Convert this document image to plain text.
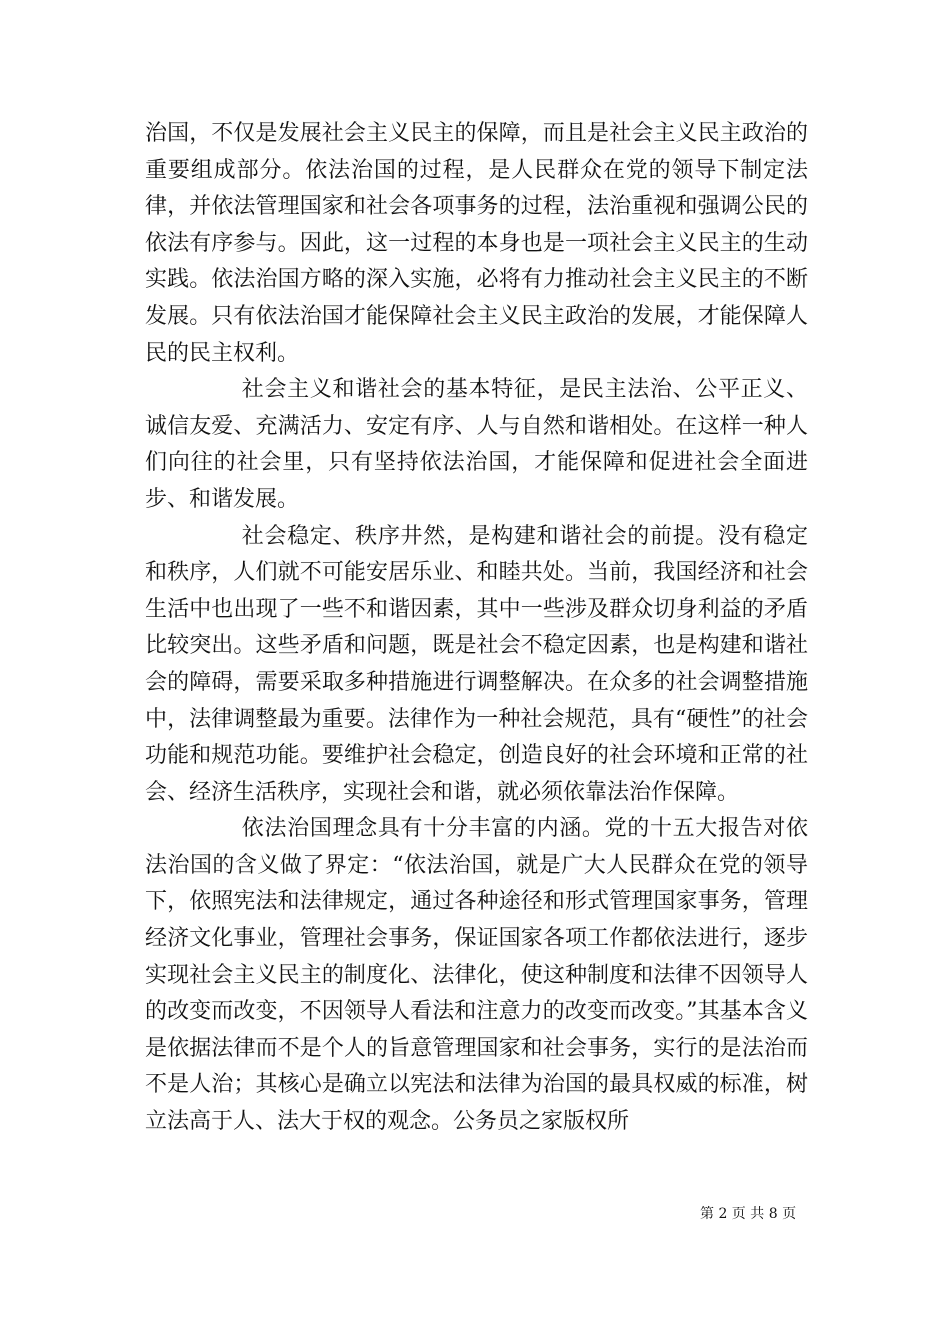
治国，不仅是发展社会主义民主的保障，而且是社会主义民主政治的重要组成部分。依法治国的过程，是人民群众在党的领导下制定法律，并依法管理国家和社会各项事务的过程，法治重视和强调公民的依法有序参与。因此，这一过程的本身也是一项社会主义民主的生动实践。依法治国方略的深入实施，必将有力推动社会主义民主的不断发展。只有依法治国才能保障社会主义民主政治的发展，才能保障人民的民主权利。

社会主义和谐社会的基本特征，是民主法治、公平正义、诚信友爱、充满活力、安定有序、人与自然和谐相处。在这样一种人们向往的社会里，只有坚持依法治国，才能保障和促进社会全面进步、和谐发展。

社会稳定、秩序井然，是构建和谐社会的前提。没有稳定和秩序，人们就不可能安居乐业、和睦共处。当前，我国经济和社会生活中也出现了一些不和谐因素，其中一些涉及群众切身利益的矛盾比较突出。这些矛盾和问题，既是社会不稳定因素，也是构建和谐社会的障碍，需要采取多种措施进行调整解决。在众多的社会调整措施中，法律调整最为重要。法律作为一种社会规范，具有“硬性”的社会功能和规范功能。要维护社会稳定，创造良好的社会环境和正常的社会、经济生活秩序，实现社会和谐，就必须依靠法治作保障。

依法治国理念具有十分丰富的内涵。党的十五大报告对依法治国的含义做了界定：“依法治国，就是广大人民群众在党的领导下，依照宪法和法律规定，通过各种途径和形式管理国家事务，管理经济文化事业，管理社会事务，保证国家各项工作都依法进行，逐步实现社会主义民主的制度化、法律化，使这种制度和法律不因领导人的改变而改变，不因领导人看法和注意力的改变而改变。”其基本含义是依据法律而不是个人的旨意管理国家和社会事务，实行的是法治而不是人治；其核心是确立以宪法和法律为治国的最具权威的标准，树立法高于人、法大于权的观念。公务员之家版权所

第 2 页 共 8 页
